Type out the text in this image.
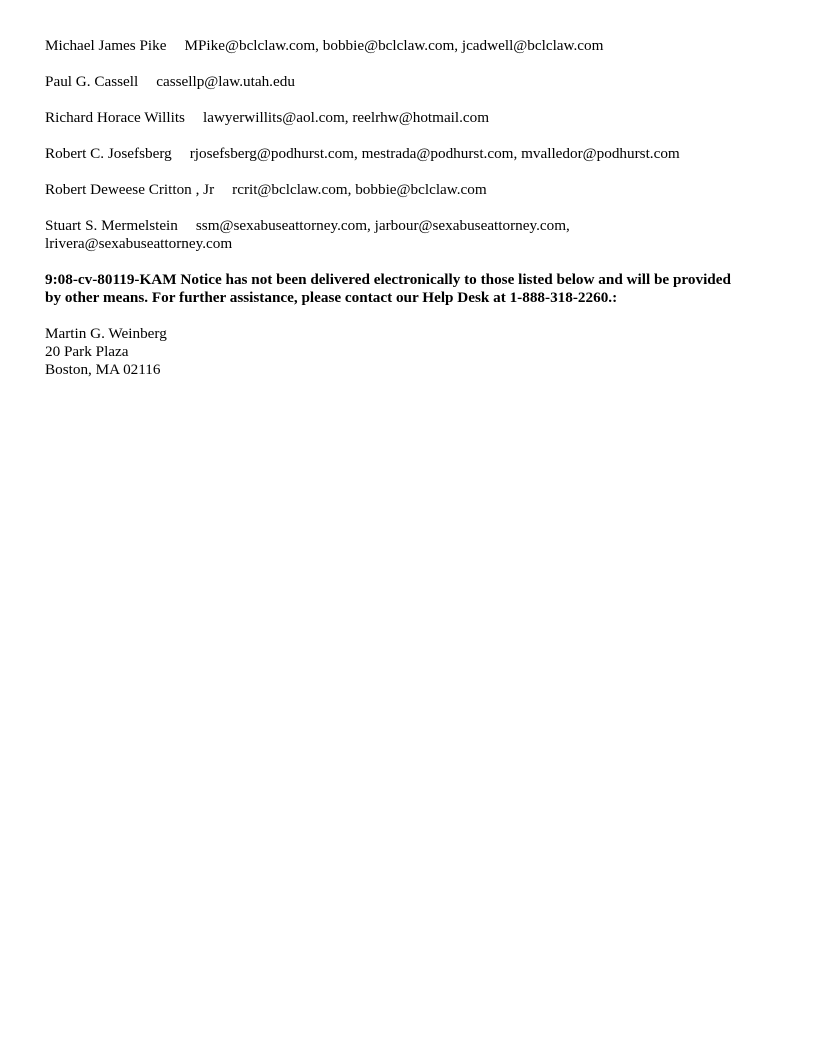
Michael James Pike MPike@bclclaw.com, bobbie@bclclaw.com, jcadwell@bclclaw.com
Paul G. Cassell cassellp@law.utah.edu
Richard Horace Willits lawyerwillits@aol.com, reelrhw@hotmail.com
Robert C. Josefsberg rjosefsberg@podhurst.com, mestrada@podhurst.com, mvalledor@podhurst.com
Robert Deweese Critton , Jr rcrit@bclclaw.com, bobbie@bclclaw.com
Stuart S. Mermelstein ssm@sexabuseattorney.com, jarbour@sexabuseattorney.com,
lrivera@sexabuseattorney.com
9:08-cv-80119-KAM Notice has not been delivered electronically to those listed below and will be provided
by other means. For further assistance, please contact our Help Desk at 1-888-318-2260.:
Martin G. Weinberg
20 Park Plaza
Boston, MA 02116
